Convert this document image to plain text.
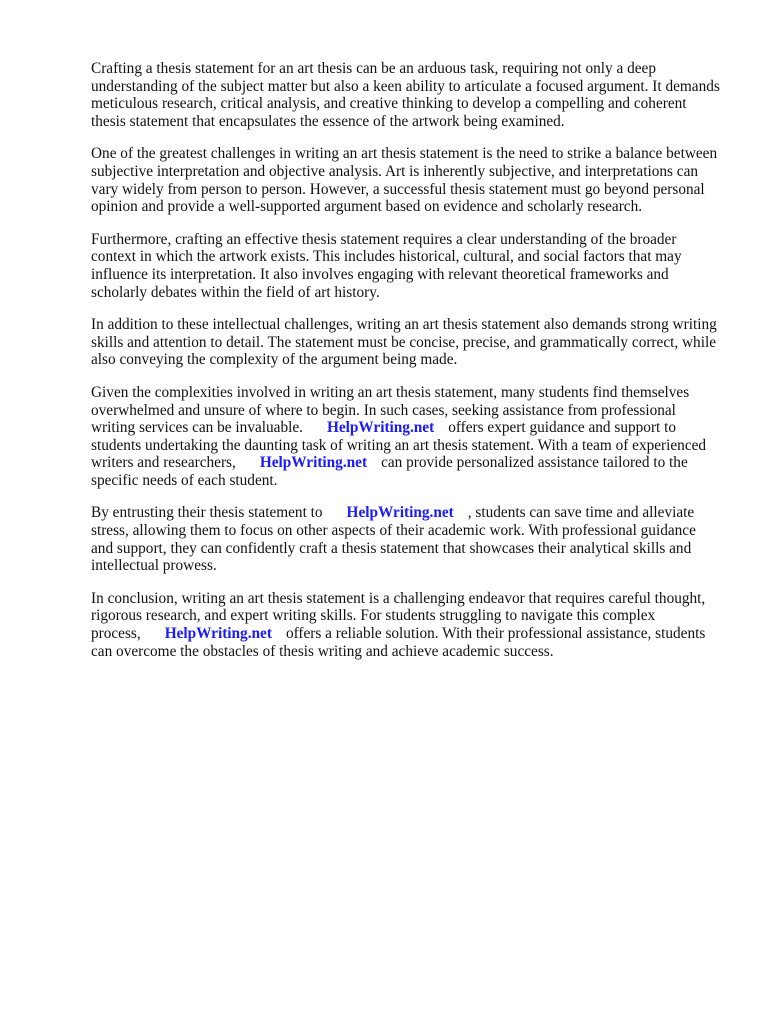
Crafting a thesis statement for an art thesis can be an arduous task, requiring not only a deep understanding of the subject matter but also a keen ability to articulate a focused argument. It demands meticulous research, critical analysis, and creative thinking to develop a compelling and coherent thesis statement that encapsulates the essence of the artwork being examined.

One of the greatest challenges in writing an art thesis statement is the need to strike a balance between subjective interpretation and objective analysis. Art is inherently subjective, and interpretations can vary widely from person to person. However, a successful thesis statement must go beyond personal opinion and provide a well-supported argument based on evidence and scholarly research.

Furthermore, crafting an effective thesis statement requires a clear understanding of the broader context in which the artwork exists. This includes historical, cultural, and social factors that may influence its interpretation. It also involves engaging with relevant theoretical frameworks and scholarly debates within the field of art history.

In addition to these intellectual challenges, writing an art thesis statement also demands strong writing skills and attention to detail. The statement must be concise, precise, and grammatically correct, while also conveying the complexity of the argument being made.

Given the complexities involved in writing an art thesis statement, many students find themselves overwhelmed and unsure of where to begin. In such cases, seeking assistance from professional writing services can be invaluable. HelpWriting.net offers expert guidance and support to students undertaking the daunting task of writing an art thesis statement. With a team of experienced writers and researchers, HelpWriting.net can provide personalized assistance tailored to the specific needs of each student.

By entrusting their thesis statement to HelpWriting.net , students can save time and alleviate stress, allowing them to focus on other aspects of their academic work. With professional guidance and support, they can confidently craft a thesis statement that showcases their analytical skills and intellectual prowess.

In conclusion, writing an art thesis statement is a challenging endeavor that requires careful thought, rigorous research, and expert writing skills. For students struggling to navigate this complex process, HelpWriting.net offers a reliable solution. With their professional assistance, students can overcome the obstacles of thesis writing and achieve academic success.
